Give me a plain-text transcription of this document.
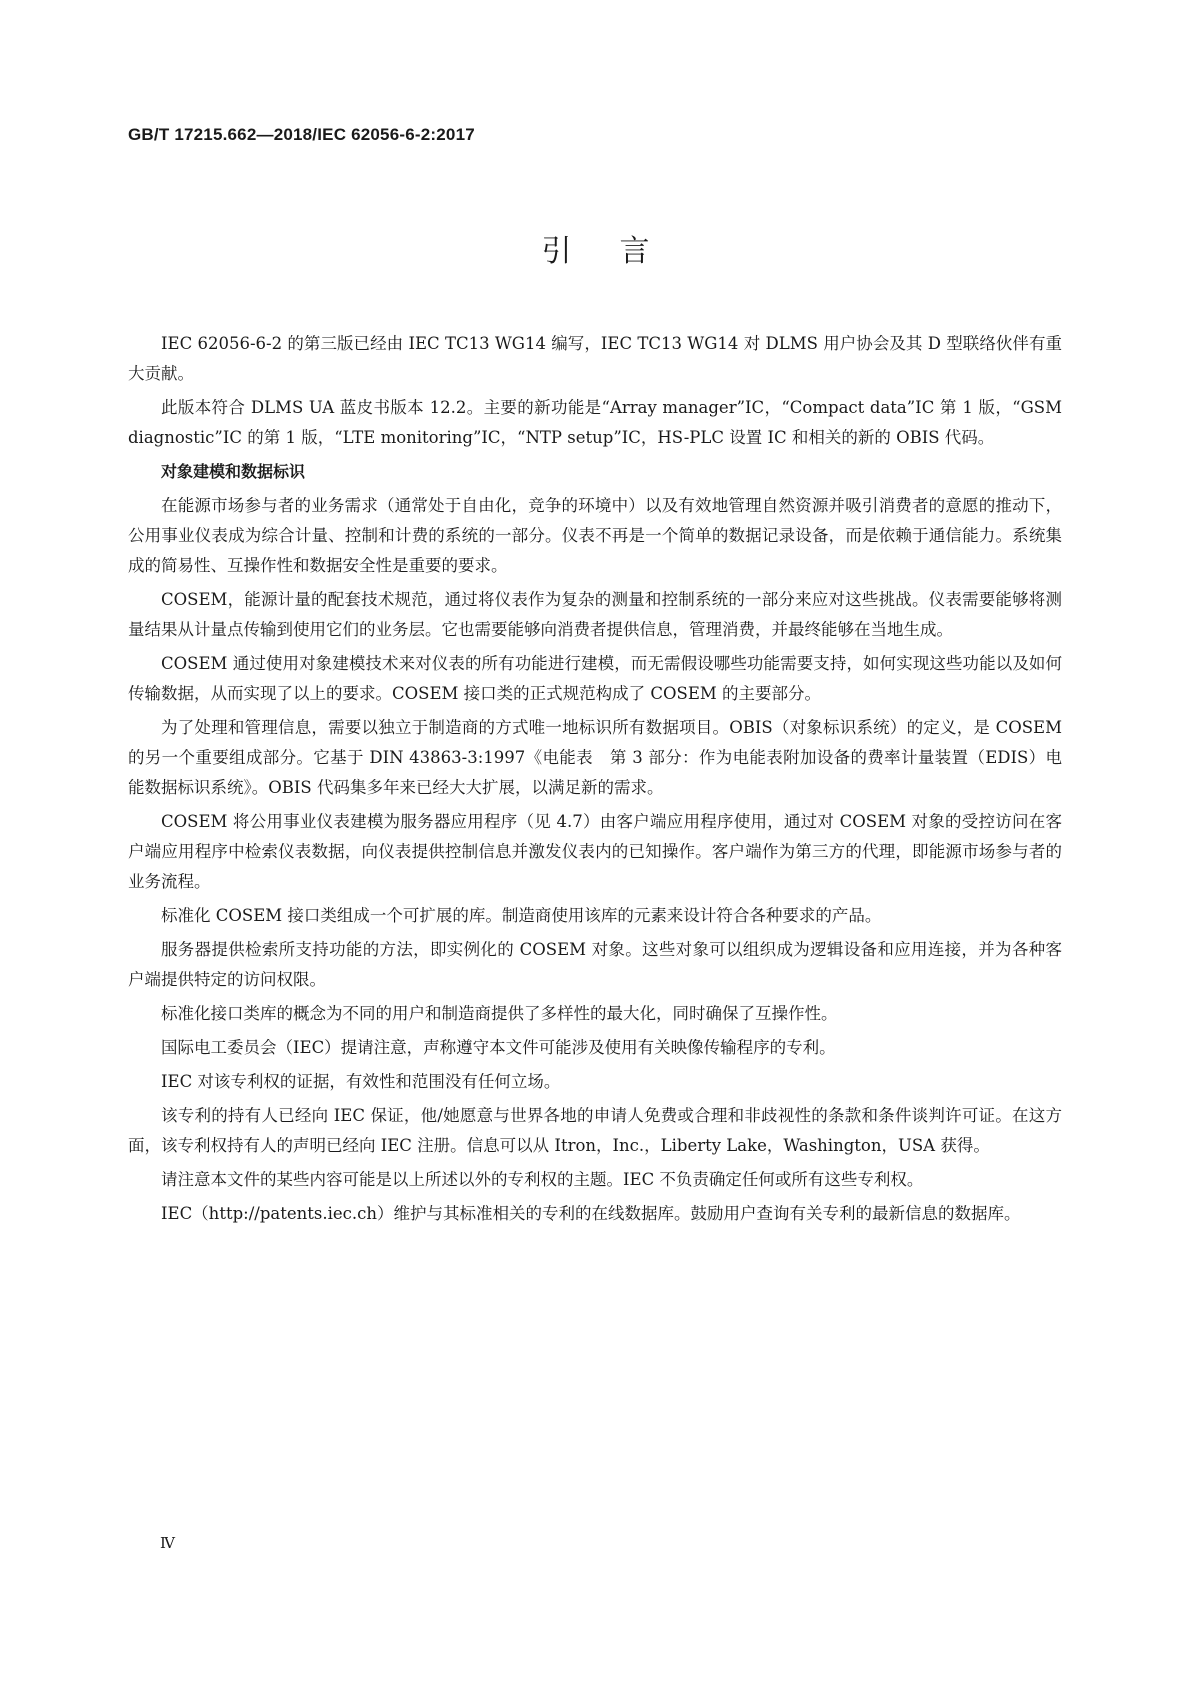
GB/T 17215.662—2018/IEC 62056-6-2:2017
引言

IEC 62056-6-2 的第三版已经由 IEC TC13 WG14 编写，IEC TC13 WG14 对 DLMS 用户协会及其 D 型联络伙伴有重大贡献。

此版本符合 DLMS UA 蓝皮书版本 12.2。主要的新功能是“Array manager”IC，“Compact data”IC 第 1 版，“GSM diagnostic”IC 的第 1 版，“LTE monitoring”IC，“NTP setup”IC，HS-PLC 设置 IC 和相关的新的 OBIS 代码。

对象建模和数据标识

在能源市场参与者的业务需求（通常处于自由化，竞争的环境中）以及有效地管理自然资源并吸引消费者的意愿的推动下，公用事业仪表成为综合计量、控制和计费的系统的一部分。仪表不再是一个简单的数据记录设备，而是依赖于通信能力。系统集成的简易性、互操作性和数据安全性是重要的要求。

COSEM，能源计量的配套技术规范，通过将仪表作为复杂的测量和控制系统的一部分来应对这些挑战。仪表需要能够将测量结果从计量点传输到使用它们的业务层。它也需要能够向消费者提供信息，管理消费，并最终能够在当地生成。

COSEM 通过使用对象建模技术来对仪表的所有功能进行建模，而无需假设哪些功能需要支持，如何实现这些功能以及如何传输数据，从而实现了以上的要求。COSEM 接口类的正式规范构成了 COSEM 的主要部分。

为了处理和管理信息，需要以独立于制造商的方式唯一地标识所有数据项目。OBIS（对象标识系统）的定义，是 COSEM 的另一个重要组成部分。它基于 DIN 43863-3:1997《电能表　第 3 部分：作为电能表附加设备的费率计量装置（EDIS）电能数据标识系统》。OBIS 代码集多年来已经大大扩展，以满足新的需求。

COSEM 将公用事业仪表建模为服务器应用程序（见 4.7）由客户端应用程序使用，通过对 COSEM 对象的受控访问在客户端应用程序中检索仪表数据，向仪表提供控制信息并激发仪表内的已知操作。客户端作为第三方的代理，即能源市场参与者的业务流程。

标准化 COSEM 接口类组成一个可扩展的库。制造商使用该库的元素来设计符合各种要求的产品。

服务器提供检索所支持功能的方法，即实例化的 COSEM 对象。这些对象可以组织成为逻辑设备和应用连接，并为各种客户端提供特定的访问权限。

标准化接口类库的概念为不同的用户和制造商提供了多样性的最大化，同时确保了互操作性。

国际电工委员会（IEC）提请注意，声称遵守本文件可能涉及使用有关映像传输程序的专利。

IEC 对该专利权的证据，有效性和范围没有任何立场。

该专利的持有人已经向 IEC 保证，他/她愿意与世界各地的申请人免费或合理和非歧视性的条款和条件谈判许可证。在这方面，该专利权持有人的声明已经向 IEC 注册。信息可以从 Itron，Inc.，Liberty Lake，Washington，USA 获得。

请注意本文件的某些内容可能是以上所述以外的专利权的主题。IEC 不负责确定任何或所有这些专利权。

IEC（http://patents.iec.ch）维护与其标准相关的专利的在线数据库。鼓励用户查询有关专利的最新信息的数据库。

Ⅳ
